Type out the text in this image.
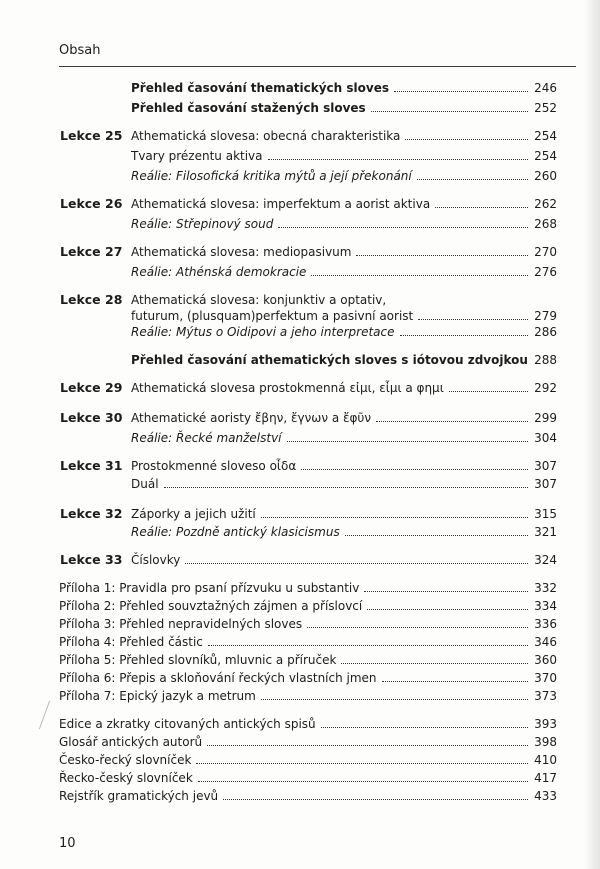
Obsah
Přehled časování thematických sloves	246
Přehled časování stažených sloves	252
Lekce 25 Athematická slovesa: obecná charakteristika	254
Tvary prézentu aktiva	254
Reálie: Filosofická kritika mýtů a její překonání	260
Lekce 26 Athematická slovesa: imperfektum a aorist aktiva	262
Reálie: Střepinový soud	268
Lekce 27 Athematická slovesa: mediopasivum	270
Reálie: Athénská demokracie	276
Lekce 28 Athematická slovesa: konjunktiv a optativ,
futurum, (plusquam)perfektum a pasivní aorist	279
Reálie: Mýtus o Oidipovi a jeho interpretace	286
Přehled časování athematických sloves s iótovou zdvojkou 288
Lekce 29 Athematická slovesa prostokmenná εἰμι, εἶμι a φημι	292
Lekce 30 Athematické aoristy ἔβην, ἔγνων a ἔφῦν	299
Reálie: Řecké manželství	304
Lekce 31 Prostokmenné sloveso οἶδα	307
Duál	307
Lekce 32 Záporky a jejich užití	315
Reálie: Pozdně antický klasicismus	321
Lekce 33 Číslovky	324
Příloha 1: Pravidla pro psaní přízvuku u substantiv	332
Příloha 2: Přehled souvztažných zájmen a příslovcí	334
Příloha 3: Přehled nepravidelných sloves	336
Příloha 4: Přehled částic	346
Příloha 5: Přehled slovníků, mluvnic a příruček	360
Příloha 6: Přepis a skloňování řeckých vlastních jmen	370
Příloha 7: Epický jazyk a metrum	373
Edice a zkratky citovaných antických spisů	393
Glosář antických autorů	398
Česko-řecký slovníček	410
Řecko-český slovníček	417
Rejstřík gramatických jevů	433
10
